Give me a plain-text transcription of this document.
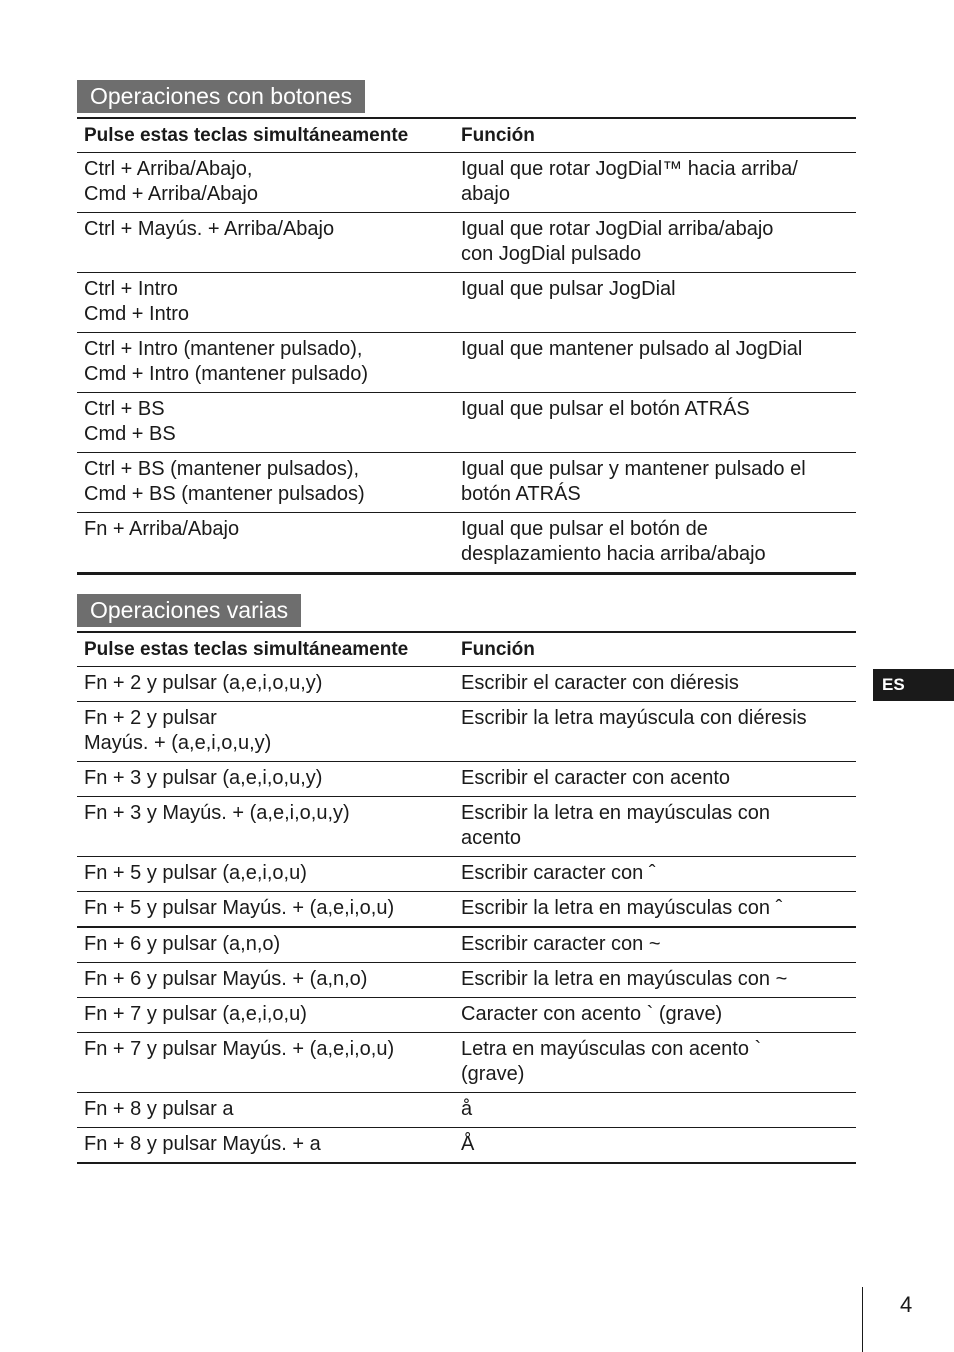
Operaciones con botones
Pulse estas teclas simultáneamente	Función

Ctrl + Arriba/Abajo,
Cmd + Arriba/Abajo	Igual que rotar JogDial™ hacia arriba/
abajo

Ctrl + Mayús. + Arriba/Abajo	Igual que rotar JogDial arriba/abajo
con JogDial pulsado

Ctrl + Intro
Cmd + Intro	Igual que pulsar JogDial

Ctrl + Intro (mantener pulsado),
Cmd + Intro (mantener pulsado)	Igual que mantener pulsado al JogDial

Ctrl + BS
Cmd + BS	Igual que pulsar el botón ATRÁS

Ctrl + BS (mantener pulsados),
Cmd + BS (mantener pulsados)	Igual que pulsar y mantener pulsado el
botón ATRÁS

Fn + Arriba/Abajo	Igual que pulsar el botón de
desplazamiento hacia arriba/abajo
Operaciones varias
Pulse estas teclas simultáneamente	Función

Fn + 2 y pulsar (a,e,i,o,u,y)	Escribir el caracter con diéresis

Fn + 2 y pulsar
Mayús. + (a,e,i,o,u,y)	Escribir la letra mayúscula con diéresis

Fn + 3 y pulsar (a,e,i,o,u,y)	Escribir el caracter con acento

Fn + 3 y Mayús. + (a,e,i,o,u,y)	Escribir la letra en mayúsculas con
acento

Fn + 5 y pulsar (a,e,i,o,u)	Escribir caracter con ˆ

Fn + 5 y pulsar Mayús. + (a,e,i,o,u)	Escribir la letra en mayúsculas con ˆ

Fn + 6 y pulsar (a,n,o)	Escribir caracter con ~

Fn + 6 y pulsar Mayús. + (a,n,o)	Escribir la letra en mayúsculas con ~

Fn + 7 y pulsar (a,e,i,o,u)	Caracter con acento ` (grave)

Fn + 7 y pulsar Mayús. + (a,e,i,o,u)	Letra en mayúsculas con acento `
(grave)

Fn + 8 y pulsar a	å

Fn + 8 y pulsar Mayús. + a	Å
ES
4
